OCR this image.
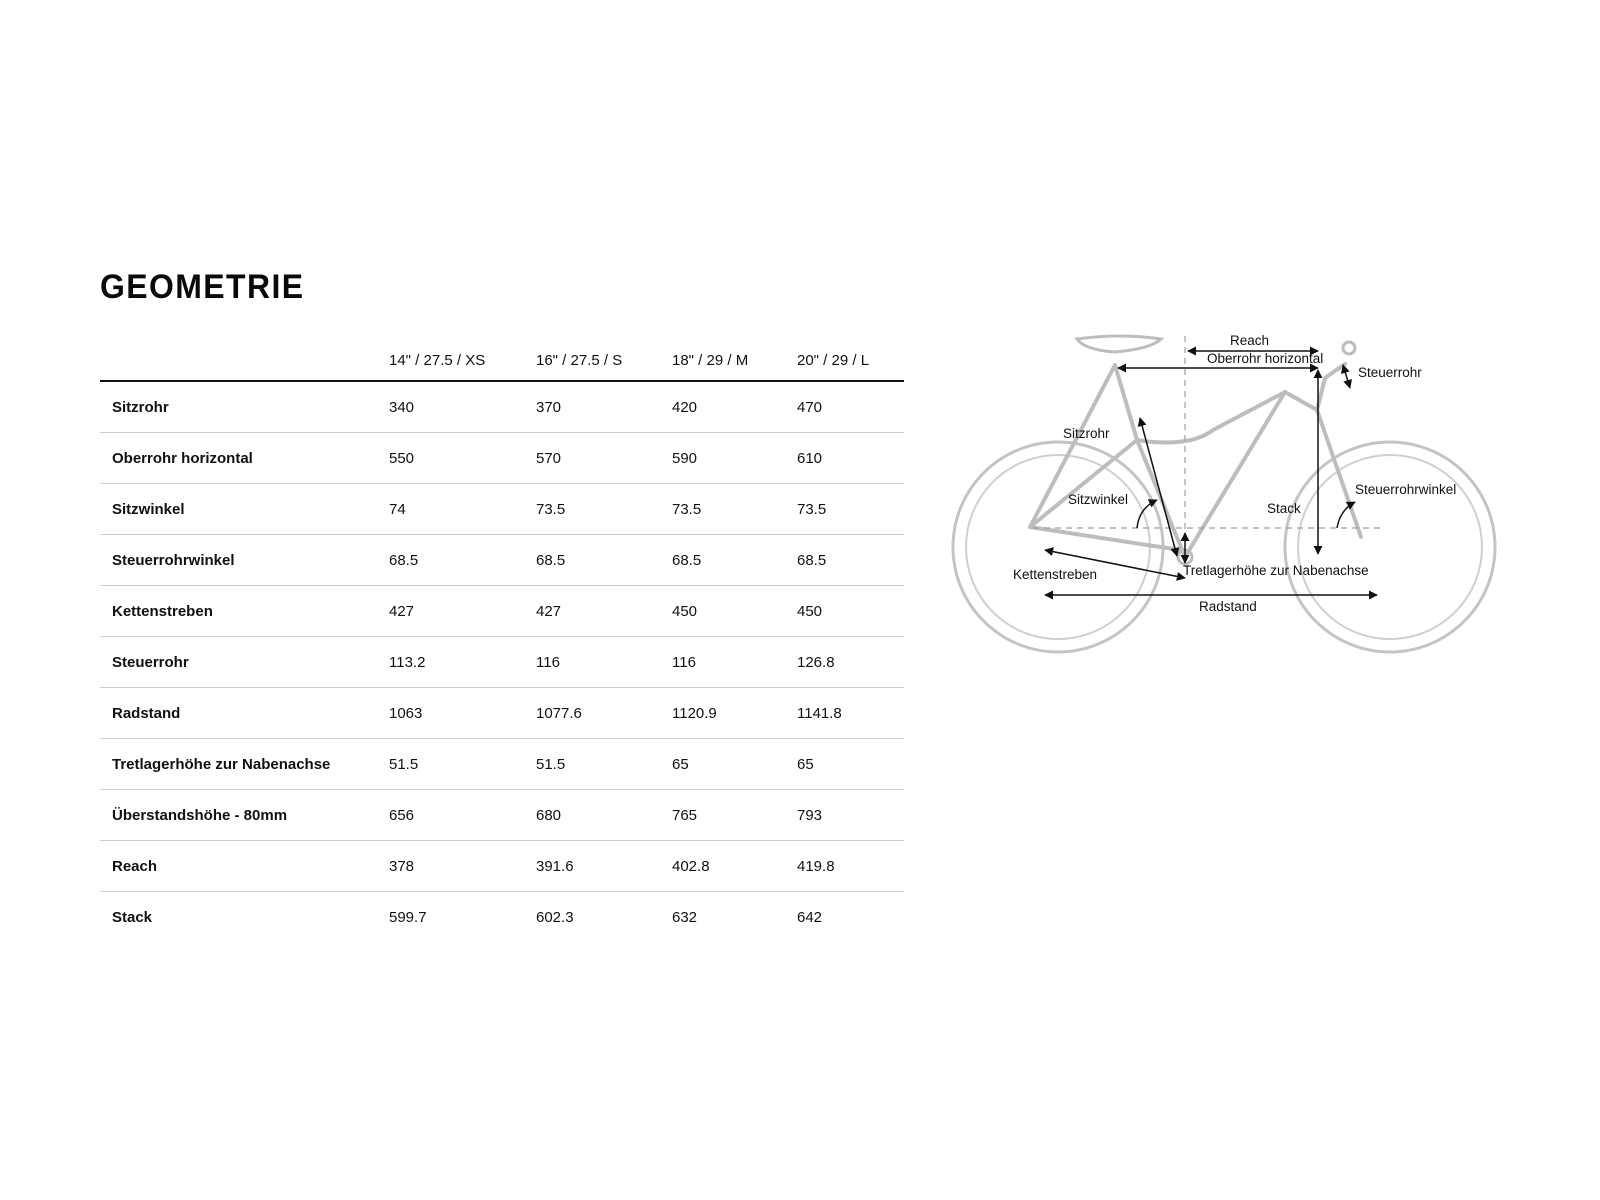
GEOMETRIE
	14" / 27.5 / XS	16" / 27.5 / S	18" / 29 / M	20" / 29 / L
Sitzrohr	340	370	420	470
Oberrohr horizontal	550	570	590	610
Sitzwinkel	74	73.5	73.5	73.5
Steuerrohrwinkel	68.5	68.5	68.5	68.5
Kettenstreben	427	427	450	450
Steuerrohr	113.2	116	116	126.8
Radstand	1063	1077.6	1120.9	1141.8
Tretlagerhöhe zur Nabenachse	51.5	51.5	65	65
Überstandshöhe - 80mm	656	680	765	793
Reach	378	391.6	402.8	419.8
Stack	599.7	602.3	632	642
Reach
Oberrohr horizontal
Steuerrohr
Sitzrohr
Sitzwinkel
Stack
Steuerrohrwinkel
Kettenstreben	Tretlagerhöhe zur Nabenachse
Radstand
